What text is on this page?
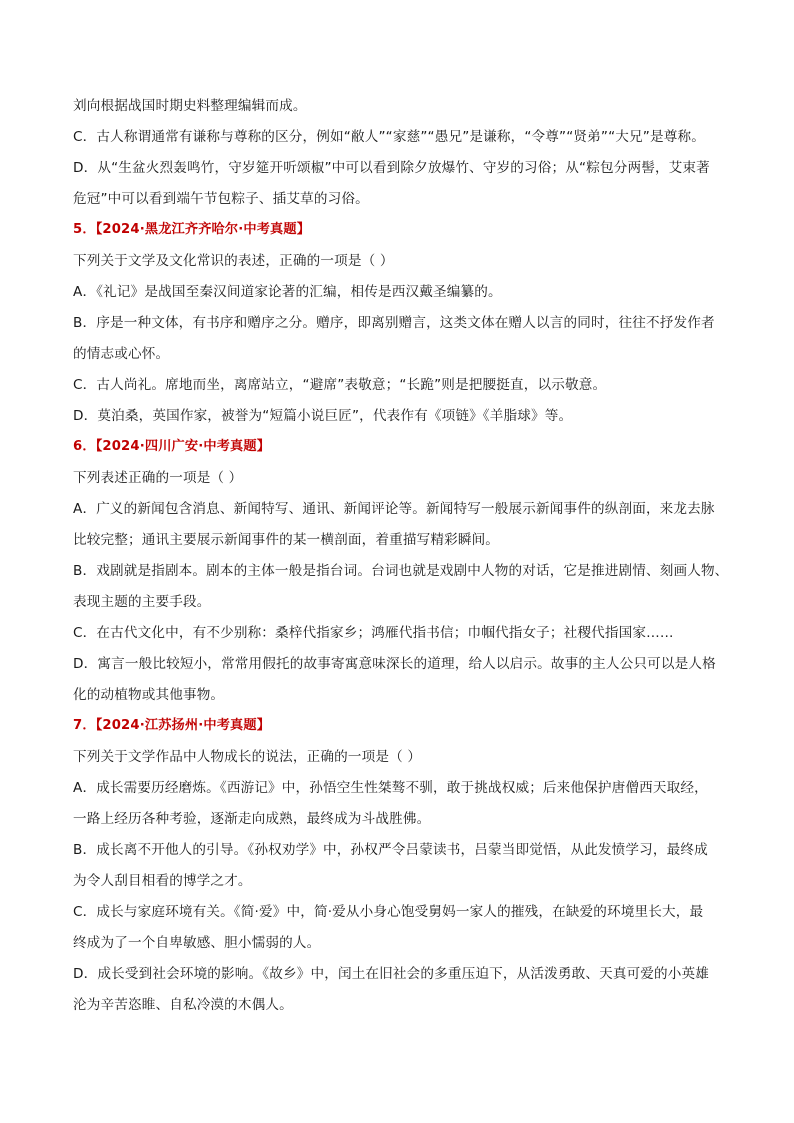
刘向根据战国时期史料整理编辑而成。
C．古人称谓通常有谦称与尊称的区分，例如“敝人”“家慈”“愚兄”是谦称，“令尊”“贤弟”“大兄”是尊称。
D．从“生盆火烈轰鸣竹，守岁筵开听颂椒”中可以看到除夕放爆竹、守岁的习俗；从“粽包分两髻，艾束著
危冠”中可以看到端午节包粽子、插艾草的习俗。
5．【2024·黑龙江齐齐哈尔·中考真题】
下列关于文学及文化常识的表述，正确的一项是（ ）
A．《礼记》是战国至秦汉间道家论著的汇编，相传是西汉戴圣编纂的。
B．序是一种文体，有书序和赠序之分。赠序，即离别赠言，这类文体在赠人以言的同时，往往不抒发作者
的情志或心怀。
C．古人尚礼。席地而坐，离席站立，“避席”表敬意；“长跪”则是把腰挺直，以示敬意。
D．莫泊桑，英国作家，被誉为“短篇小说巨匠”，代表作有《项链》《羊脂球》等。
6．【2024·四川广安·中考真题】
下列表述正确的一项是（ ）
A．广义的新闻包含消息、新闻特写、通讯、新闻评论等。新闻特写一般展示新闻事件的纵剖面，来龙去脉
比较完整；通讯主要展示新闻事件的某一横剖面，着重描写精彩瞬间。
B．戏剧就是指剧本。剧本的主体一般是指台词。台词也就是戏剧中人物的对话，它是推进剧情、刻画人物、
表现主题的主要手段。
C．在古代文化中，有不少别称：桑梓代指家乡；鸿雁代指书信；巾帼代指女子；社稷代指国家……
D．寓言一般比较短小，常常用假托的故事寄寓意味深长的道理，给人以启示。故事的主人公只可以是人格
化的动植物或其他事物。
7．【2024·江苏扬州·中考真题】
下列关于文学作品中人物成长的说法，正确的一项是（ ）
A．成长需要历经磨炼。《西游记》中，孙悟空生性桀骜不驯，敢于挑战权威；后来他保护唐僧西天取经，
一路上经历各种考验，逐渐走向成熟，最终成为斗战胜佛。
B．成长离不开他人的引导。《孙权劝学》中，孙权严令吕蒙读书，吕蒙当即觉悟，从此发愤学习，最终成
为令人刮目相看的博学之才。
C．成长与家庭环境有关。《简·爱》中，简·爱从小身心饱受舅妈一家人的摧残，在缺爱的环境里长大，最
终成为了一个自卑敏感、胆小懦弱的人。
D．成长受到社会环境的影响。《故乡》中，闰土在旧社会的多重压迫下，从活泼勇敢、天真可爱的小英雄
沦为辛苦恣睢、自私冷漠的木偶人。
